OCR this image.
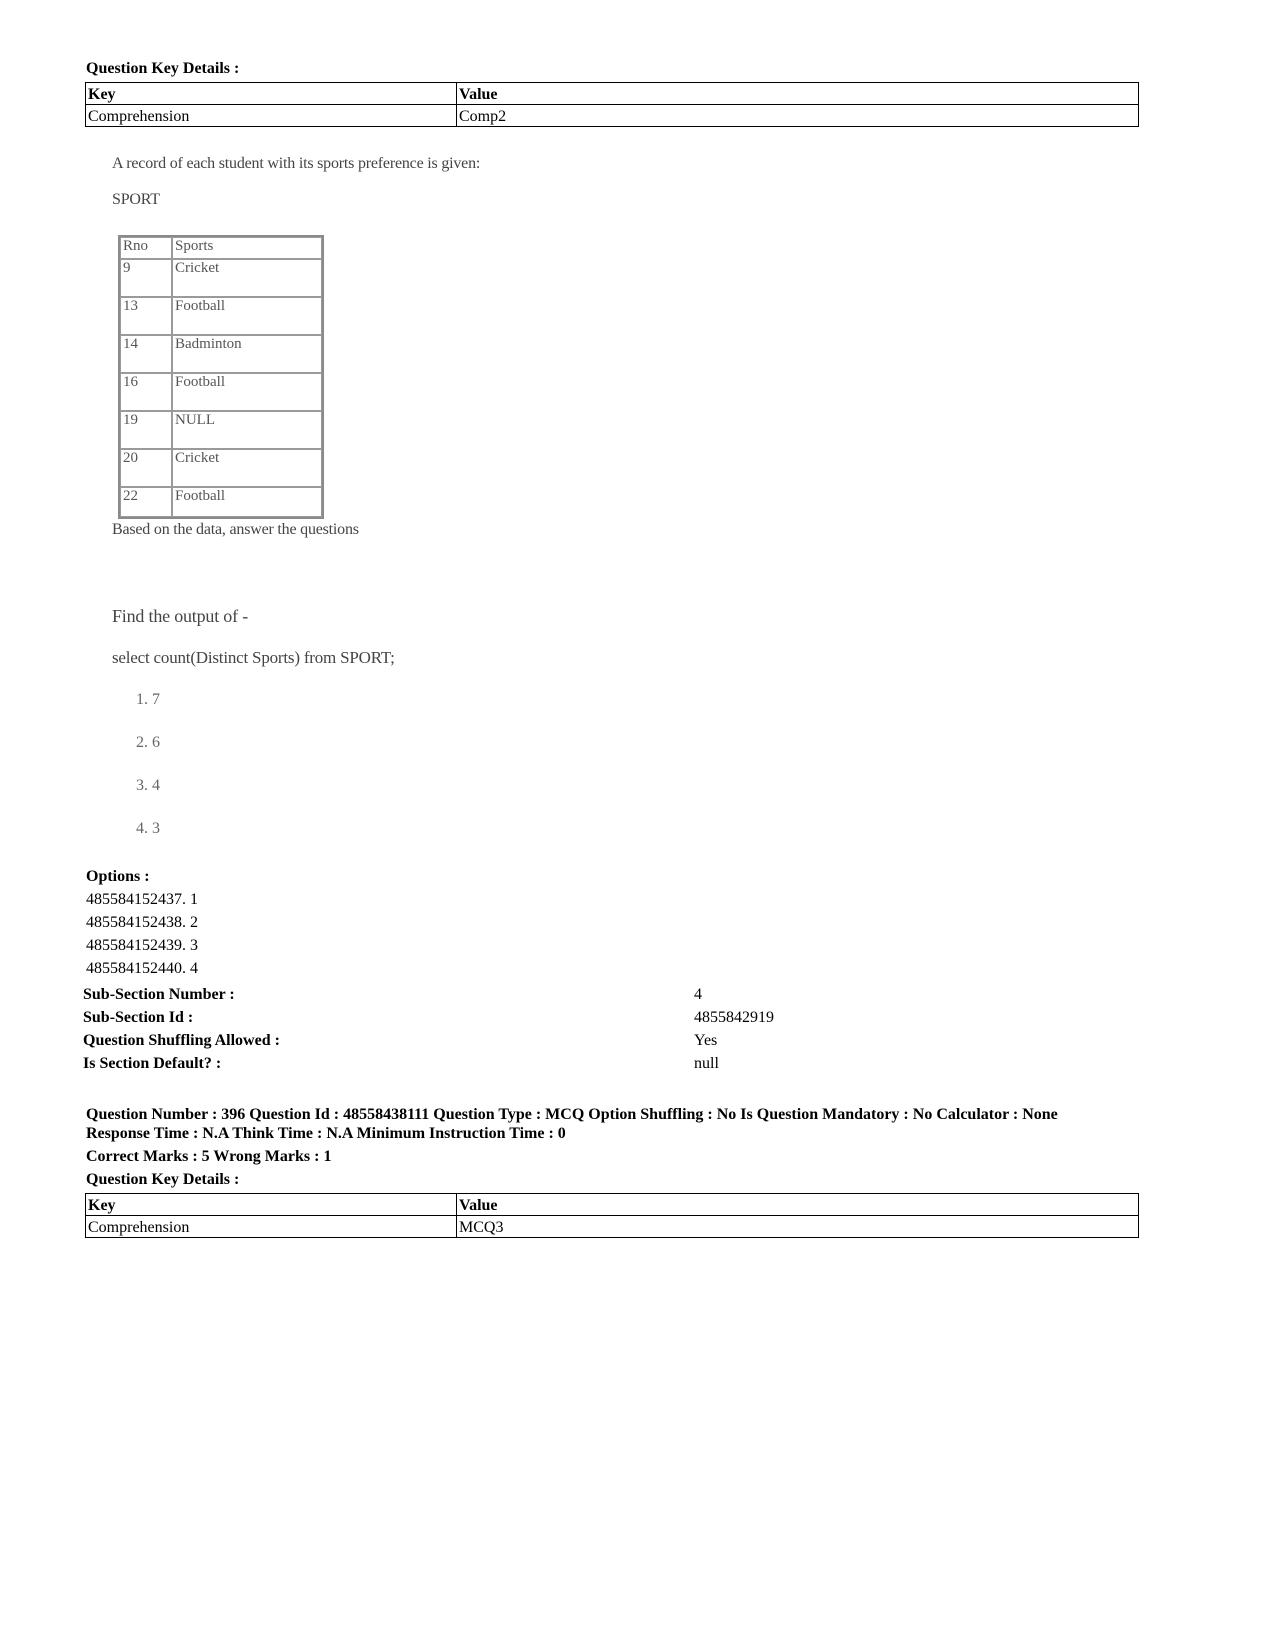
Question Key Details :
Key	Value
Comprehension	Comp2
A record of each student with its sports preference is given:
SPORT
Rno	Sports
9	Cricket
13	Football
14	Badminton
16	Football
19	NULL
20	Cricket
22	Football
Based on the data, answer the questions
Find the output of -
select count(Distinct Sports) from SPORT;
1. 7
2. 6
3. 4
4. 3
Options :
485584152437. 1
485584152438. 2
485584152439. 3
485584152440. 4
Sub-Section Number :	4
Sub-Section Id :	4855842919
Question Shuffling Allowed :	Yes
Is Section Default? :	null
Question Number : 396 Question Id : 48558438111 Question Type : MCQ Option Shuffling : No Is Question Mandatory : No Calculator : None
Response Time : N.A Think Time : N.A Minimum Instruction Time : 0
Correct Marks : 5 Wrong Marks : 1
Question Key Details :
Key	Value
Comprehension	MCQ3
